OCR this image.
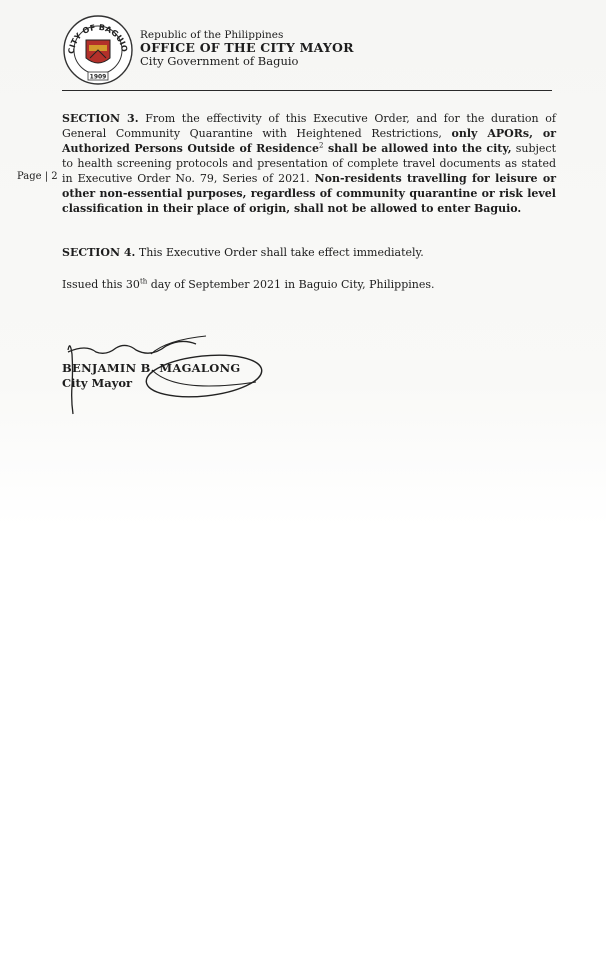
CITY OF BAGUIO
1909
Republic of the Philippines
OFFICE OF THE CITY MAYOR
City Government of Baguio
Page | 2
SECTION 3. From the effectivity of this Executive Order, and for the duration of General Community Quarantine with Heightened Restrictions, only APORs, or Authorized Persons Outside of Residence$^2$ shall be allowed into the city, subject to health screening protocols and presentation of complete travel documents as stated in Executive Order No. 79, Series of 2021. Non-residents travelling for leisure or other non-essential purposes, regardless of community quarantine or risk level classification in their place of origin, shall not be allowed to enter Baguio.
SECTION 4. This Executive Order shall take effect immediately.
Issued this 30th day of September 2021 in Baguio City, Philippines.
BENJAMIN B. MAGALONG
City Mayor
